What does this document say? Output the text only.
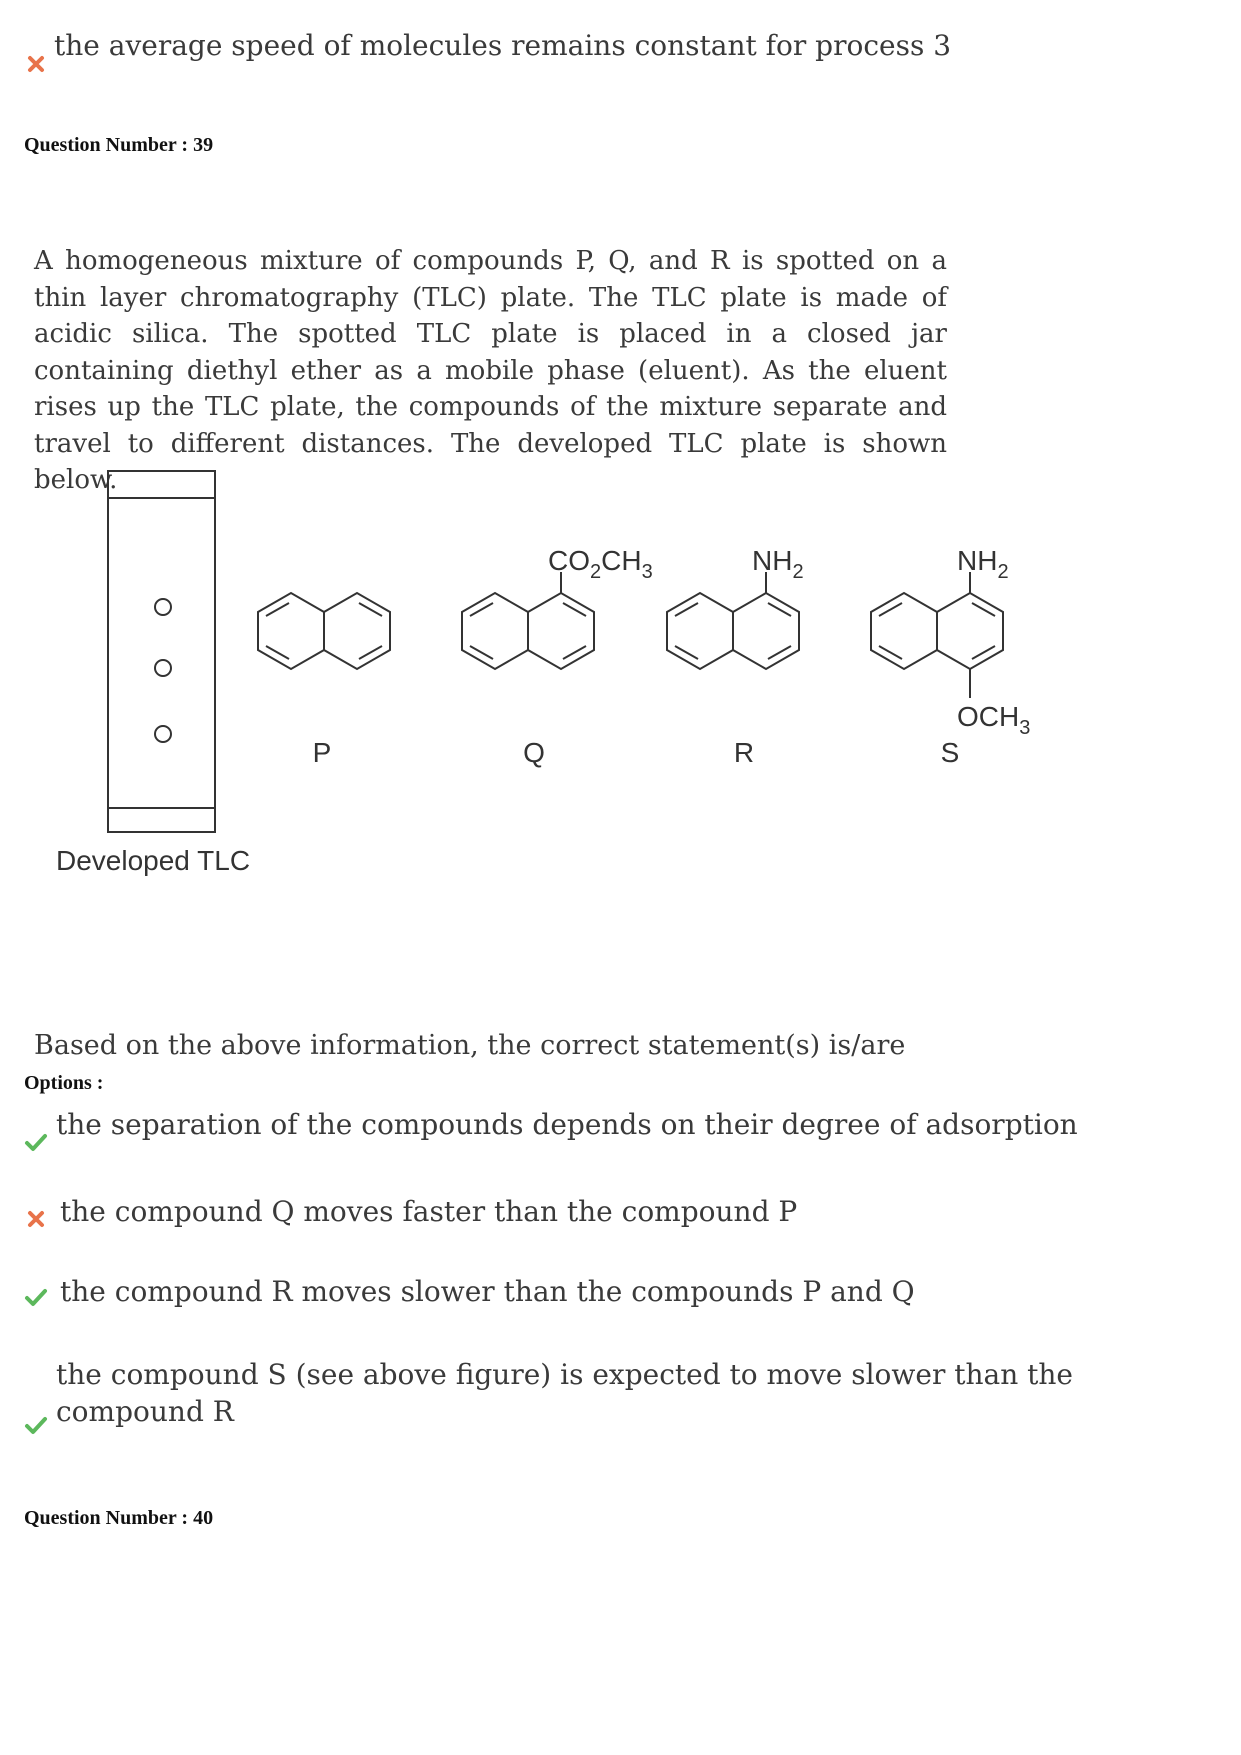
the average speed of molecules remains constant for process 3
Question Number : 39
A homogeneous mixture of compounds P, Q, and R is spotted on a thin layer chromatography (TLC) plate. The TLC plate is made of acidic silica. The spotted TLC plate is placed in a closed jar containing diethyl ether as a mobile phase (eluent). As the eluent rises up the TLC plate, the compounds of the mixture separate and travel to different distances. The developed TLC plate is shown below.
Developed TLC
P
$CO_2CH_3$
Q
$NH_2$
R
$NH_2$
$OCH_3$
S
Based on the above information, the correct statement(s) is/are
Options :
the separation of the compounds depends on their degree of adsorption
the compound Q moves faster than the compound P
the compound R moves slower than the compounds P and Q
the compound S (see above figure) is expected to move slower than the
compound R
Question Number : 40
